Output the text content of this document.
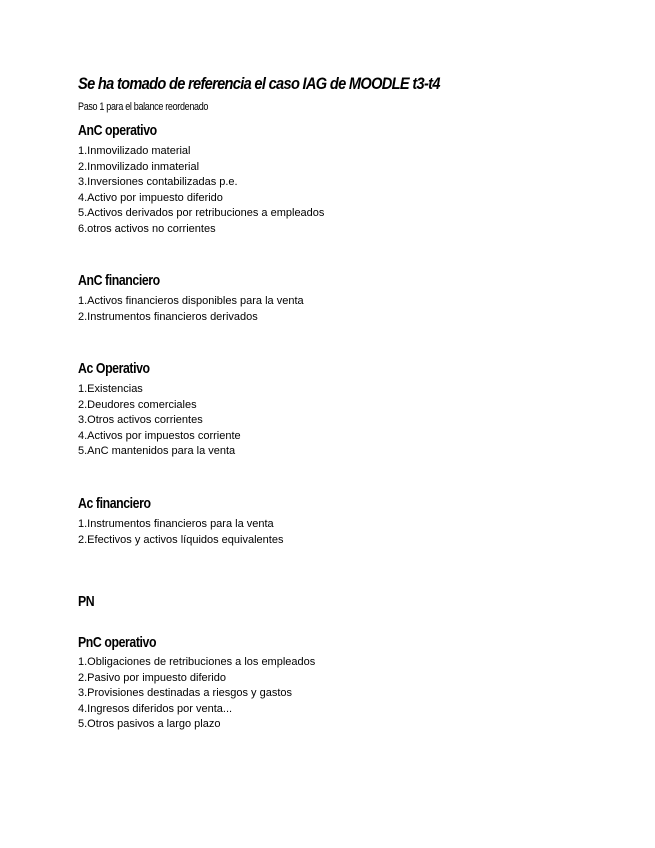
Se ha tomado de referencia el caso IAG de MOODLE t3-t4
Paso 1 para el balance reordenado
AnC operativo
1.Inmovilizado material
2.Inmovilizado inmaterial
3.Inversiones contabilizadas p.e.
4.Activo por impuesto diferido
5.Activos derivados por retribuciones a empleados
6.otros activos no corrientes
AnC financiero
1.Activos financieros disponibles para la venta
2.Instrumentos financieros derivados
Ac Operativo
1.Existencias
2.Deudores comerciales
3.Otros activos corrientes
4.Activos por impuestos corriente
5.AnC mantenidos para la venta
Ac financiero
1.Instrumentos financieros para la venta
2.Efectivos y activos líquidos equivalentes
PN
PnC operativo
1.Obligaciones de retribuciones a los empleados
2.Pasivo por impuesto diferido
3.Provisiones destinadas a riesgos y gastos
4.Ingresos diferidos por venta...
5.Otros pasivos a largo plazo
